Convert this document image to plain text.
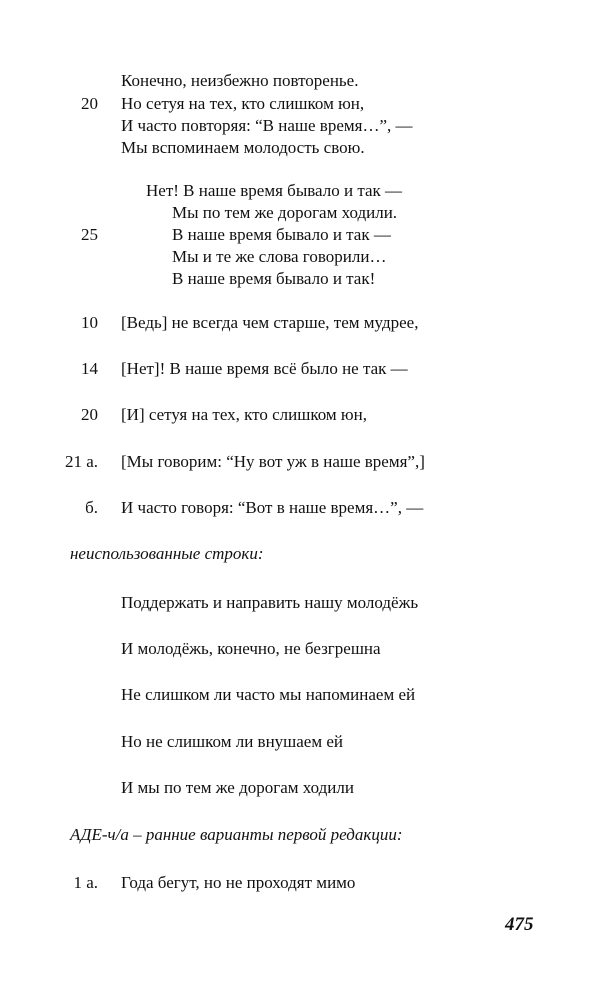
Конечно, неизбежно повторенье.
20 Но сетуя на тех, кто слишком юн,
И часто повторяя: “В наше время…”, —
Мы вспоминаем молодость свою.
Нет! В наше время бывало и так —
Мы по тем же дорогам ходили.
25	В наше время бывало и так —
Мы и те же слова говорили…
В наше время бывало и так!
10 [Ведь] не всегда чем старше, тем мудрее,
14 [Нет]! В наше время всё было не так —
20 [И] сетуя на тех, кто слишком юн,
21 а. [Мы говорим: “Ну вот уж в наше время”,]
б. И часто говоря: “Вот в наше время…”, —
неиспользованные строки:
Поддержать и направить нашу молодёжь
И молодёжь, конечно, не безгрешна
Не слишком ли часто мы напоминаем ей
Но не слишком ли внушаем ей
И мы по тем же дорогам ходили
АДЕ-ч/а – ранние варианты первой редакции:
1 а. Года бегут, но не проходят мимо
475
